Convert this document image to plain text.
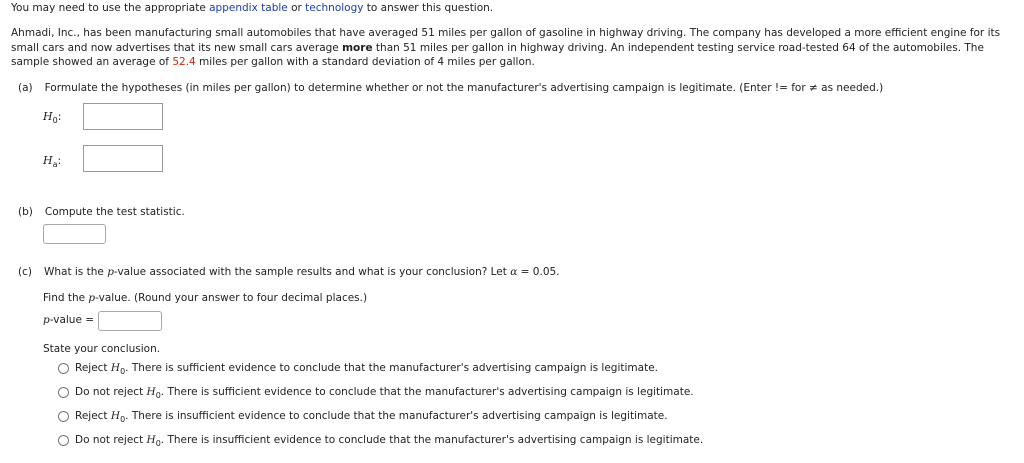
You may need to use the appropriate appendix table or technology to answer this question.
Ahmadi, Inc., has been manufacturing small automobiles that have averaged 51 miles per gallon of gasoline in highway driving. The company has developed a more efficient engine for its
small cars and now advertises that its new small cars average more than 51 miles per gallon in highway driving. An independent testing service road-tested 64 of the automobiles. The
sample showed an average of 52.4 miles per gallon with a standard deviation of 4 miles per gallon.
(a) Formulate the hypotheses (in miles per gallon) to determine whether or not the manufacturer's advertising campaign is legitimate. (Enter != for ≠ as needed.)
$H_0$:
$H_a$:
(b) Compute the test statistic.
(c) What is the p-value associated with the sample results and what is your conclusion? Let α = 0.05.
Find the p-value. (Round your answer to four decimal places.)
p-value =
State your conclusion.
Reject $H_0$. There is sufficient evidence to conclude that the manufacturer's advertising campaign is legitimate.
Do not reject $H_0$. There is sufficient evidence to conclude that the manufacturer's advertising campaign is legitimate.
Reject $H_0$. There is insufficient evidence to conclude that the manufacturer's advertising campaign is legitimate.
Do not reject $H_0$. There is insufficient evidence to conclude that the manufacturer's advertising campaign is legitimate.
